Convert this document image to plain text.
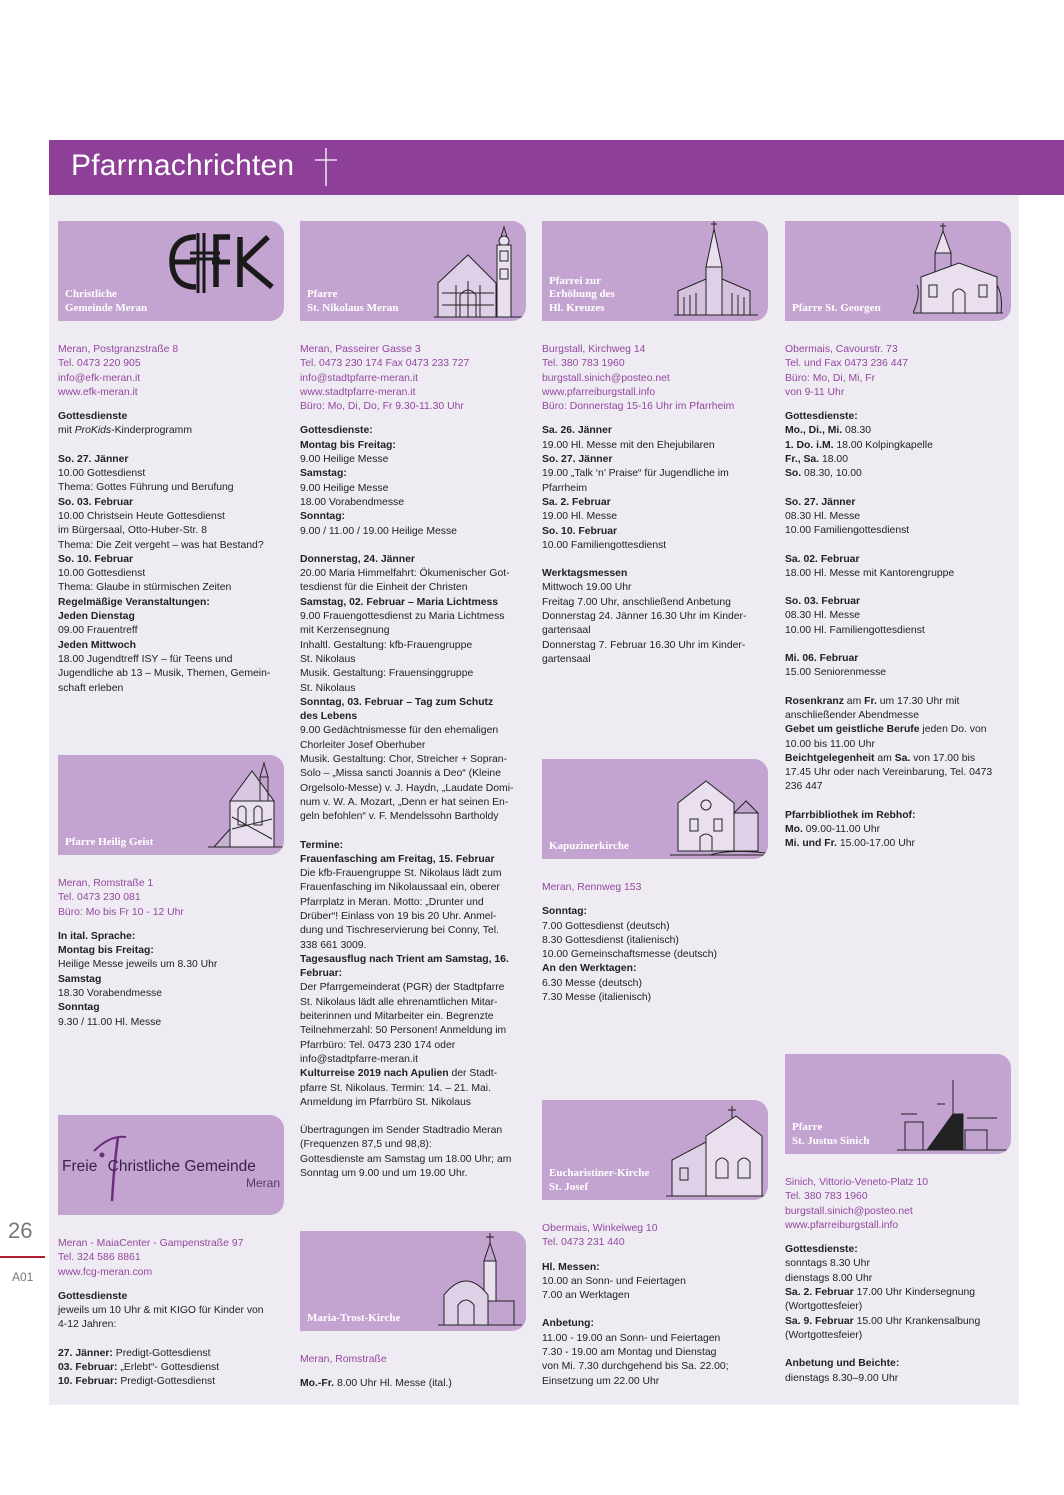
Pfarrnachrichten
26
A01
Christliche
Gemeinde Meran
Meran, Postgranzstraße 8
Tel. 0473 220 905
info@efk-meran.it
www.efk-meran.it

Gottesdienste

mit ProKids-Kinderprogramm

So. 27. Jänner

10.00 Gottesdienst

Thema: Gottes Führung und Berufung

So. 03. Februar

10.00 Christsein Heute Gottesdienst

im Bürgersaal, Otto-Huber-Str. 8

Thema: Die Zeit vergeht – was hat Bestand?

So. 10. Februar

10.00 Gottesdienst

Thema: Glaube in stürmischen Zeiten

Regelmäßige Veranstaltungen:

Jeden Dienstag

09.00 Frauentreff

Jeden Mittwoch

18.00 Jugendtreff ISY – für Teens und

Jugendliche ab 13 – Musik, Themen, Gemein-

schaft erleben

Pfarre Heilig Geist
Meran, Romstraße 1
Tel. 0473 230 081
Büro: Mo bis Fr 10 - 12 Uhr

In ital. Sprache:

Montag bis Freitag:

Heilige Messe jeweils um 8.30 Uhr

Samstag

18.30 Vorabendmesse

Sonntag

9.30 / 11.00 Hl. Messe

Freie Christliche Gemeinde
Meran
Meran - MaiaCenter - Gampenstraße 97
Tel. 324 586 8861
www.fcg-meran.com

Gottesdienste

jeweils um 10 Uhr & mit KIGO für Kinder von

4-12 Jahren:

27. Jänner: Predigt-Gottesdienst

03. Februar: „Erlebt“- Gottesdienst

10. Februar: Predigt-Gottesdienst

Pfarre
St. Nikolaus Meran
Meran, Passeirer Gasse 3
Tel. 0473 230 174 Fax 0473 233 727
info@stadtpfarre-meran.it
www.stadtpfarre-meran.it
Büro: Mo, Di, Do, Fr 9.30-11.30 Uhr

Gottesdienste:

Montag bis Freitag:

9.00 Heilige Messe

Samstag:

9.00 Heilige Messe

18.00 Vorabendmesse

Sonntag:

9.00 / 11.00 / 19.00 Heilige Messe

Donnerstag, 24. Jänner

20.00 Maria Himmelfahrt: Ökumenischer Got-

tesdienst für die Einheit der Christen

Samstag, 02. Februar – Maria Lichtmess

9.00 Frauengottesdienst zu Maria Lichtmess

mit Kerzensegnung

Inhaltl. Gestaltung: kfb-Frauengruppe

St. Nikolaus

Musik. Gestaltung: Frauensinggruppe

St. Nikolaus

Sonntag, 03. Februar – Tag zum Schutz

des Lebens

9.00 Gedächtnismesse für den ehemaligen

Chorleiter Josef Oberhuber

Musik. Gestaltung: Chor, Streicher + Sopran-

Solo – „Missa sancti Joannis a Deo“ (Kleine

Orgelsolo-Messe) v. J. Haydn, „Laudate Domi-

num v. W. A. Mozart, „Denn er hat seinen En-

geln befohlen“ v. F. Mendelssohn Bartholdy

Termine:

Frauenfasching am Freitag, 15. Februar

Die kfb-Frauengruppe St. Nikolaus lädt zum

Frauenfasching im Nikolaussaal ein, oberer

Pfarrplatz in Meran. Motto: „Drunter und

Drüber“! Einlass von 19 bis 20 Uhr. Anmel-

dung und Tischreservierung bei Conny, Tel.

338 661 3009.

Tagesausflug nach Trient am Samstag, 16.

Februar:

Der Pfarrgemeinderat (PGR) der Stadtpfarre

St. Nikolaus lädt alle ehrenamtlichen Mitar-

beiterinnen und Mitarbeiter ein. Begrenzte

Teilnehmerzahl: 50 Personen! Anmeldung im

Pfarrbüro: Tel. 0473 230 174 oder

info@stadtpfarre-meran.it

Kulturreise 2019 nach Apulien der Stadt-

pfarre St. Nikolaus. Termin: 14. – 21. Mai.

Anmeldung im Pfarrbüro St. Nikolaus

Übertragungen im Sender Stadtradio Meran

(Frequenzen 87,5 und 98,8):

Gottesdienste am Samstag um 18.00 Uhr; am

Sonntag um 9.00 und um 19.00 Uhr.

Maria-Trost-Kirche
Meran, Romstraße

Mo.-Fr. 8.00 Uhr Hl. Messe (ital.)

Pfarrei zur
Erhöhung des
Hl. Kreuzes
Burgstall, Kirchweg 14
Tel. 380 783 1960
burgstall.sinich@posteo.net
www.pfarreiburgstall.info
Büro: Donnerstag 15-16 Uhr im Pfarrheim

Sa. 26. Jänner

19.00 Hl. Messe mit den Ehejubilaren

So. 27. Jänner

19.00 „Talk ‘n’ Praise“ für Jugendliche im

Pfarrheim

Sa. 2. Februar

19.00 Hl. Messe

So. 10. Februar

10.00 Familiengottesdienst

Werktagsmessen

Mittwoch 19.00 Uhr

Freitag 7.00 Uhr, anschließend Anbetung

Donnerstag 24. Jänner 16.30 Uhr im Kinder-

gartensaal

Donnerstag 7. Februar 16.30 Uhr im Kinder-

gartensaal

Kapuzinerkirche
Meran, Rennweg 153

Sonntag:

7.00 Gottesdienst (deutsch)

8.30 Gottesdienst (italienisch)

10.00 Gemeinschaftsmesse (deutsch)

An den Werktagen:

6.30 Messe (deutsch)

7.30 Messe (italienisch)

Eucharistiner-Kirche
St. Josef
Obermais, Winkelweg 10
Tel. 0473 231 440

Hl. Messen:

10.00 an Sonn- und Feiertagen

7.00 an Werktagen

Anbetung:

11.00 - 19.00 an Sonn- und Feiertagen

7.30 - 19.00 am Montag und Dienstag

von Mi. 7.30 durchgehend bis Sa. 22.00;

Einsetzung um 22.00 Uhr

Pfarre St. Georgen
Obermais, Cavourstr. 73
Tel. und Fax 0473 236 447
Büro: Mo, Di, Mi, Fr
von 9-11 Uhr

Gottesdienste:

Mo., Di., Mi. 08.30

1. Do. i.M. 18.00 Kolpingkapelle

Fr., Sa. 18.00

So. 08.30, 10.00

So. 27. Jänner

08.30 Hl. Messe

10.00 Familiengottesdienst

Sa. 02. Februar

18.00 Hl. Messe mit Kantorengruppe

So. 03. Februar

08.30 Hl. Messe

10.00 Hl. Familiengottesdienst

Mi. 06. Februar

15.00 Seniorenmesse

Rosenkranz am Fr. um 17.30 Uhr mit

anschließender Abendmesse

Gebet um geistliche Berufe jeden Do. von

10.00 bis 11.00 Uhr

Beichtgelegenheit am Sa. von 17.00 bis

17.45 Uhr oder nach Vereinbarung, Tel. 0473

236 447

Pfarrbibliothek im Rebhof:

Mo. 09.00-11.00 Uhr

Mi. und Fr. 15.00-17.00 Uhr

Pfarre
St. Justus Sinich
Sinich, Vittorio-Veneto-Platz 10
Tel. 380 783 1960
burgstall.sinich@posteo.net
www.pfarreiburgstall.info

Gottesdienste:

sonntags 8.30 Uhr

dienstags 8.00 Uhr

Sa. 2. Februar 17.00 Uhr Kindersegnung

(Wortgottesfeier)

Sa. 9. Februar 15.00 Uhr Krankensalbung

(Wortgottesfeier)

Anbetung und Beichte:

dienstags 8.30–9.00 Uhr
